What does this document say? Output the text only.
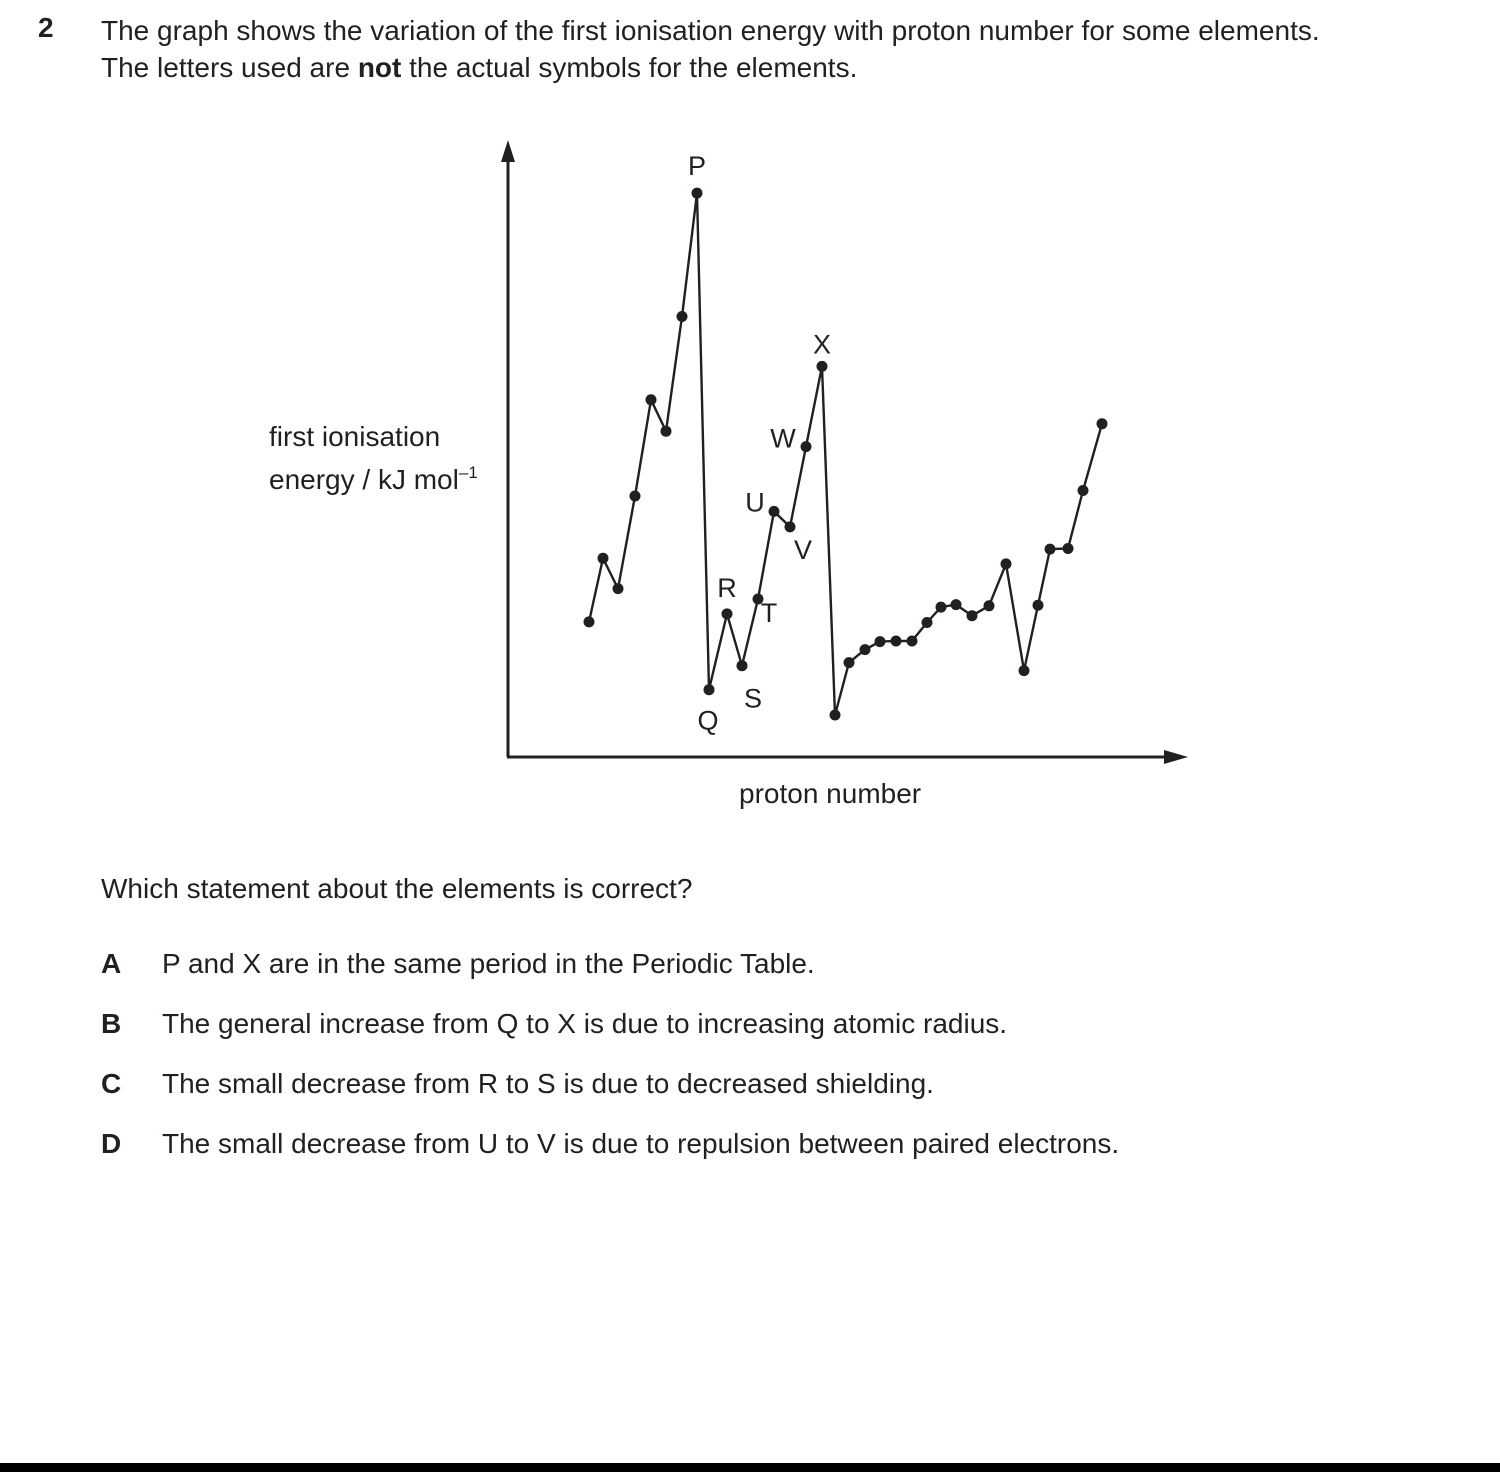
2 The graph shows the variation of the first ionisation energy with proton number for some elements.

The letters used are not the actual symbols for the elements.

P
Q
R
S
T
U
V
W
X
first ionisation
energy / kJ mol$^{-1}$
proton number
Which statement about the elements is correct?
A P and X are in the same period in the Periodic Table.
B The general increase from Q to X is due to increasing atomic radius.
C The small decrease from R to S is due to decreased shielding.
D The small decrease from U to V is due to repulsion between paired electrons.
